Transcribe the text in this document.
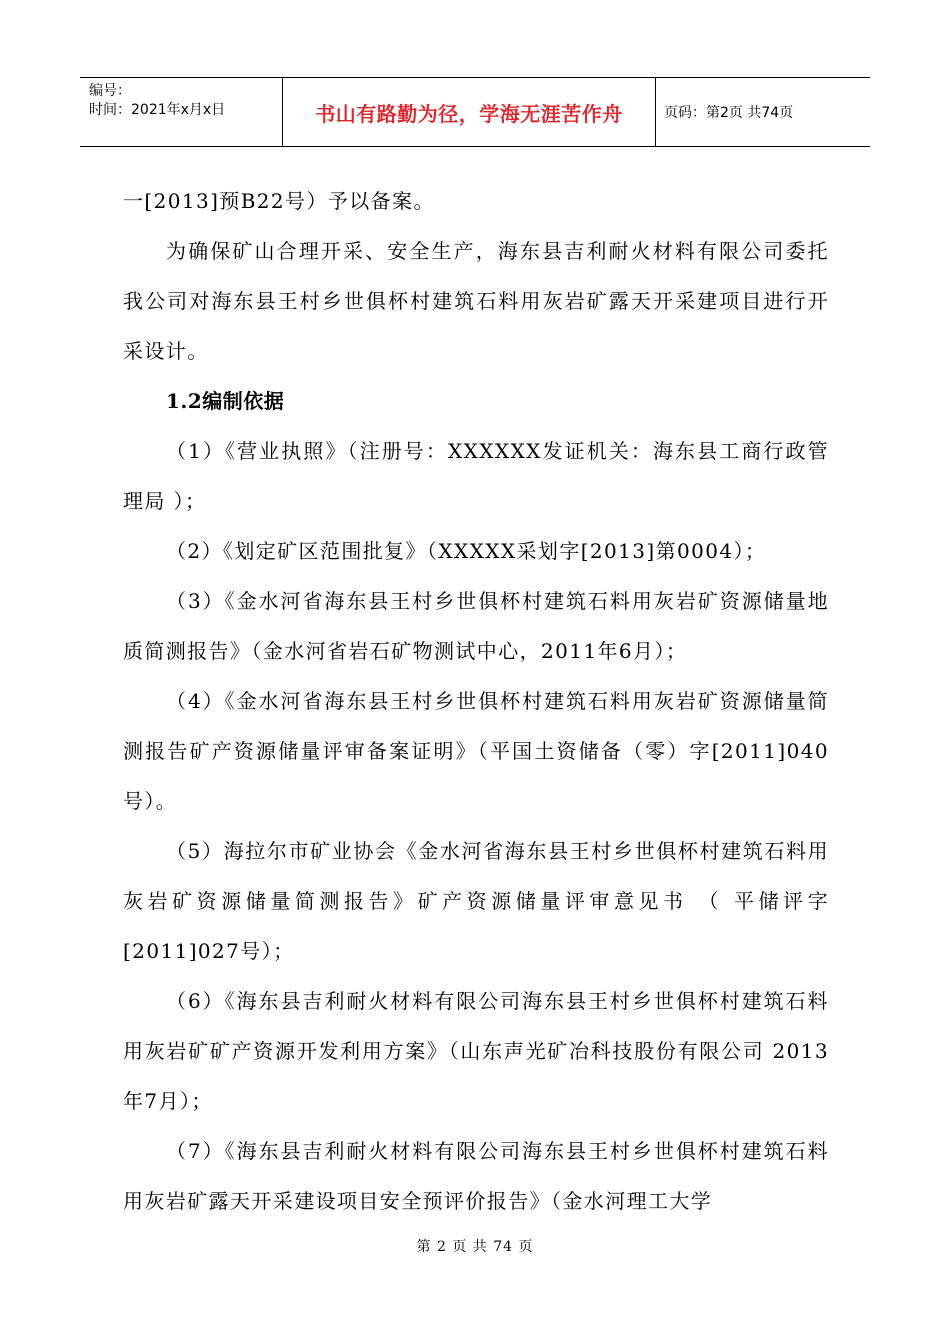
编号：
时间：2021年x月x日	书山有路勤为径，学海无涯苦作舟	页码：第2页 共74页

一[2013]预B22号）予以备案。

为确保矿山合理开采、安全生产，海东县吉利耐火材料有限公司委托我公司对海东县王村乡世俱杯村建筑石料用灰岩矿露天开采建项目进行开采设计。

1.2编制依据

（1）《营业执照》（注册号：XXXXXX发证机关：海东县工商行政管理局 ）；

（2）《划定矿区范围批复》（XXXXX采划字[2013]第0004）；

（3）《金水河省海东县王村乡世俱杯村建筑石料用灰岩矿资源储量地质简测报告》（金水河省岩石矿物测试中心，2011年6月）；

（4）《金水河省海东县王村乡世俱杯村建筑石料用灰岩矿资源储量简测报告矿产资源储量评审备案证明》（平国土资储备（零）字[2011]040号）。

（5）海拉尔市矿业协会《金水河省海东县王村乡世俱杯村建筑石料用灰岩矿资源储量简测报告》矿产资源储量评审意见书 （ 平储评字[2011]027号）；

（6）《海东县吉利耐火材料有限公司海东县王村乡世俱杯村建筑石料用灰岩矿矿产资源开发利用方案》（山东声光矿冶科技股份有限公司 2013年7月）；

（7）《海东县吉利耐火材料有限公司海东县王村乡世俱杯村建筑石料用灰岩矿露天开采建设项目安全预评价报告》（金水河理工大学

第 2 页 共 74 页
